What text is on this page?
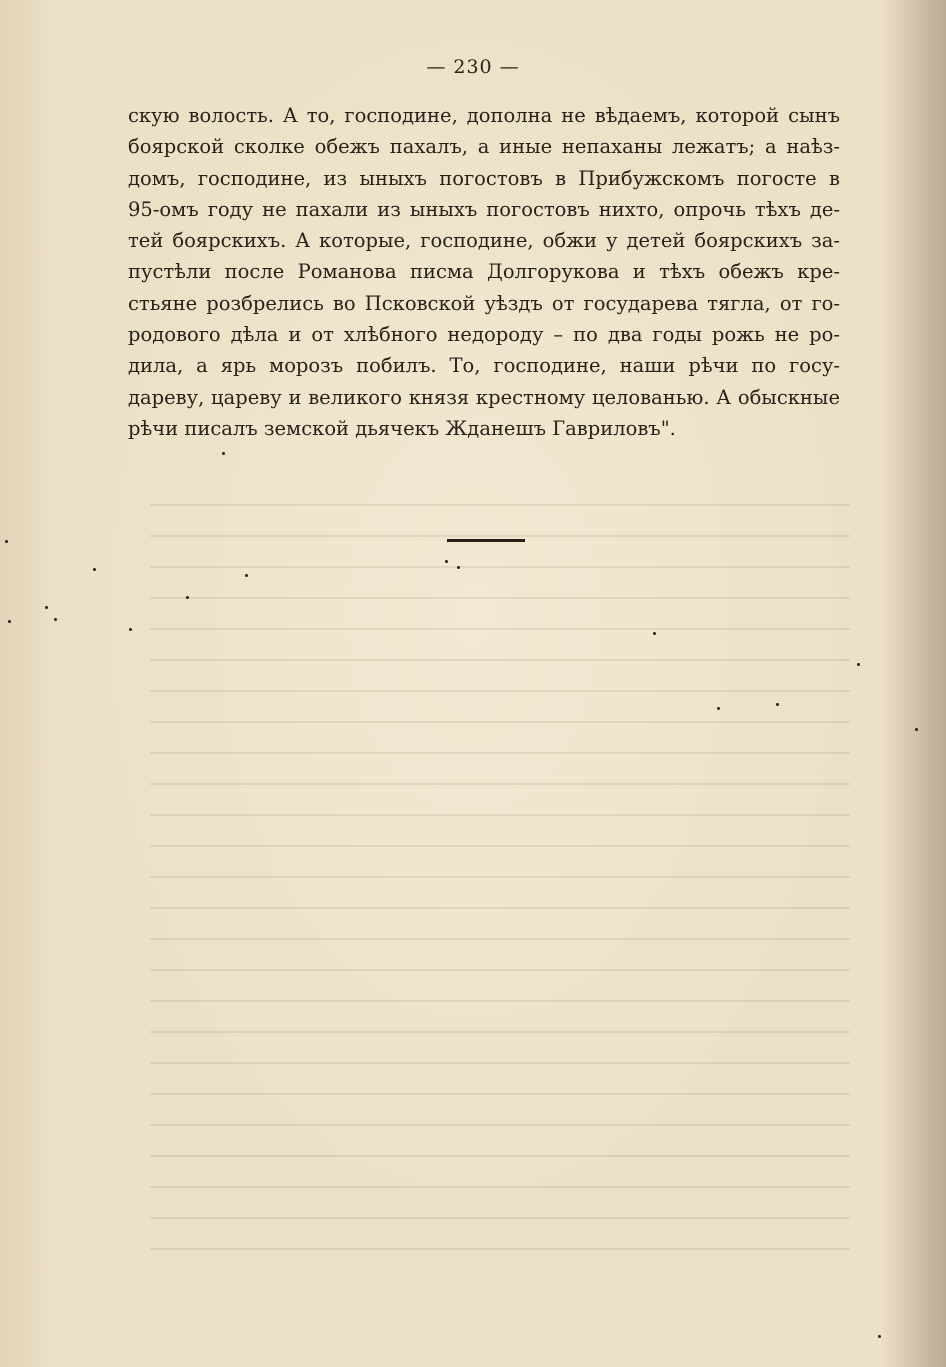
— 230 —
скую волость. А то, господине, дополна не вѣдаемъ, которой сынъ
боярской сколке обежъ пахалъ, а иные непаханы лежатъ; а наѣз-
домъ, господине, из ыныхъ погостовъ в Прибужскомъ погосте в
95-омъ году не пахали из ыныхъ погостовъ нихто, опрочь тѣхъ де-
тей боярскихъ. А которые, господине, обжи у детей боярскихъ за-
пустѣли после Романова писма Долгорукова и тѣхъ обежъ кре-
стьяне розбрелись во Псковской уѣздъ от государева тягла, от го-
родового дѣла и от хлѣбного недороду – по два годы рожь не ро-
дила, а ярь морозъ побилъ. То, господине, наши рѣчи по госу-
дареву, цареву и великого князя крестному целованью. А обыскные
рѣчи писалъ земской дьячекъ Жданешъ Гавриловъ".
